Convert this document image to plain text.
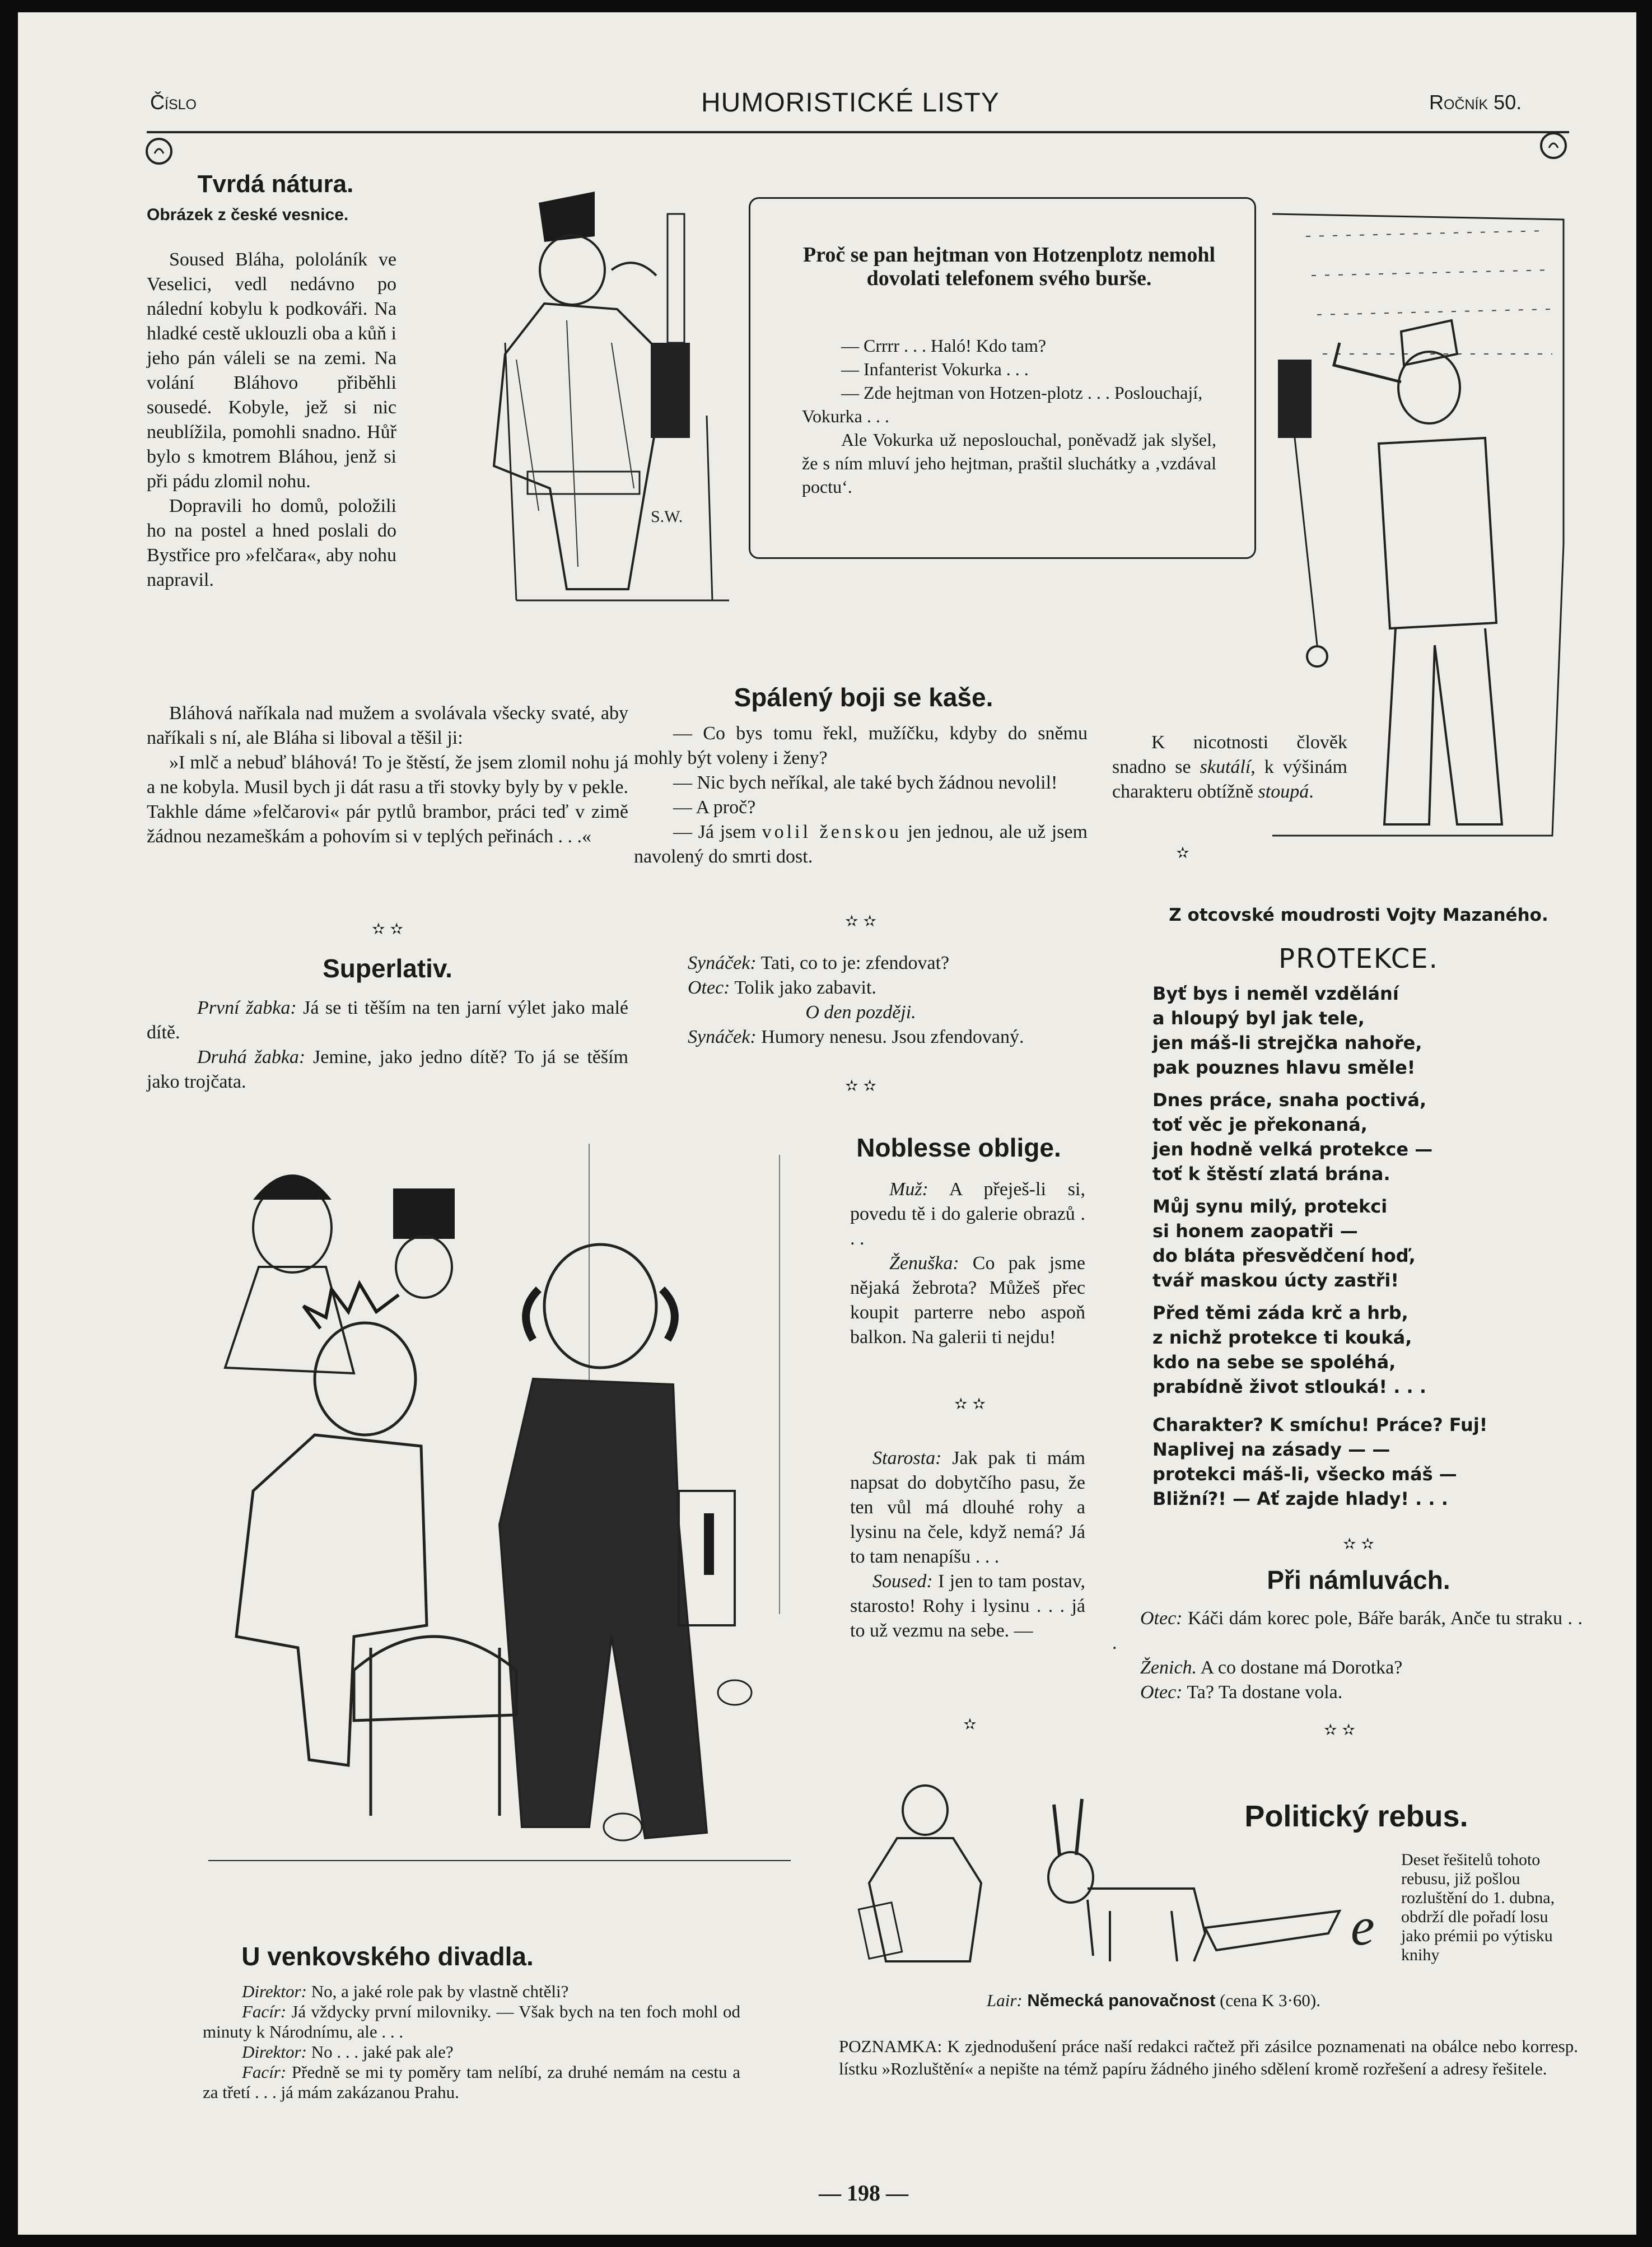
Číslo	HUMORISTICKÉ LISTY	Ročník 50.
Tvrdá nátura.
Obrázek z české vesnice.

Soused Bláha, pololáník ve Veselici, vedl nedávno po nálední kobylu k podkováři. Na hladké cestě uklouzli oba a kůň i jeho pán váleli se na zemi. Na volání Bláhovo přiběhli sousedé. Kobyle, jež si nic neublížila, pomohli snadno. Hůř bylo s kmotrem Bláhou, jenž si při pádu zlomil nohu.

Dopravili ho domů, položili ho na postel a hned poslali do Bystřice pro »felčara«, aby nohu napravil.

Bláhová naříkala nad mužem a svolávala všecky svaté, aby naříkali s ní, ale Bláha si liboval a těšil ji:

»I mlč a nebuď bláhová! To je štěstí, že jsem zlomil nohu já a ne kobyla. Musil bych ji dát rasu a tři stovky byly by v pekle. Takhle dáme »felčarovi« pár pytlů brambor, práci teď v zimě žádnou nezameškám a pohovím si v teplých peřinách . . .«

✫ ✫
Superlativ.

První žabka: Já se ti těším na ten jarní výlet jako malé dítě.

Druhá žabka: Jemine, jako jedno dítě? To já se těším jako trojčata.

S.W.
Proč se pan hejtman von Hotzenplotz nemohl dovolati telefonem svého burše.

— Crrrr . . . Haló! Kdo tam?

— Infanterist Vokurka . . .

— Zde hejtman von Hotzen-plotz . . . Poslouchají, Vokurka . . .

Ale Vokurka už neposlouchal, poněvadž jak slyšel, že s ním mluví jeho hejtman, praštil sluchátky a ‚vzdával poctu‘.

Spálený boji se kaše.

— Co bys tomu řekl, mužíčku, kdyby do sněmu mohly být voleny i ženy?

— Nic bych neříkal, ale také bych žádnou nevolil!

— A proč?

— Já jsem volil ženskou jen jednou, ale už jsem navolený do smrti dost.

✫ ✫

Synáček: Tati, co to je: zfendovat?

Otec: Tolik jako zabavit.

O den později.

Synáček: Humory nenesu. Jsou zfendovaný.

✫ ✫

K nicotnosti člověk snadno se skutálí, k výšinám charakteru obtížně stoupá.

✫
Z otcovské moudrosti Vojty Mazaného.
PROTEKCE.

Byť bys i neměl vzdělání

a hloupý byl jak tele,

jen máš-li strejčka nahoře,

pak pouznes hlavu směle!

Dnes práce, snaha poctivá,

toť věc je překonaná,

jen hodně velká protekce —

toť k štěstí zlatá brána.

Můj synu milý, protekci

si honem zaopatři —

do bláta přesvědčení hoď,

tvář maskou úcty zastři!

Před těmi záda krč a hrb,

z nichž protekce ti kouká,

kdo na sebe se spoléhá,

prabídně život stlouká! . . .

Charakter? K smíchu! Práce? Fuj!

Naplivej na zásady — —

protekci máš-li, všecko máš —

Bližní?! — Ať zajde hlady! . . .

✫ ✫
Při námluvách.

Otec: Káči dám korec pole, Báře barák, Anče tu straku . . .

Ženich. A co dostane má Dorotka?

Otec: Ta? Ta dostane vola.

✫ ✫
Noblesse oblige.

Muž: A přeješ-li si, povedu tě i do galerie obrazů . . .

Ženuška: Co pak jsme nějaká žebrota? Můžeš přec koupit parterre nebo aspoň balkon. Na galerii ti nejdu!

✫ ✫

Starosta: Jak pak ti mám napsat do dobytčího pasu, že ten vůl má dlouhé rohy a lysinu na čele, když nemá? Já to tam nenapíšu . . .

Soused: I jen to tam postav, starosto! Rohy i lysinu . . . já to už vezmu na sebe. —

✫
U venkovského divadla.

Direktor: No, a jaké role pak by vlastně chtěli?

Facír: Já vždycky první milovniky. — Však bych na ten foch mohl od minuty k Národnímu, ale . . .

Direktor: No . . . jaké pak ale?

Facír: Předně se mi ty poměry tam nelíbí, za druhé nemám na cestu a za třetí . . . já mám zakázanou Prahu.

e
Politický rebus.
Deset řešitelů tohoto rebusu, již pošlou rozluštění do 1. dubna, obdrží dle pořadí losu jako prémii po výtisku knihy
Lair: Německá panovačnost (cena K 3·60).
POZNAMKA: K zjednodušení práce naší redakci račtež při zásilce poznamenati na obálce nebo korresp. lístku »Rozluštění« a nepište na témž papíru žádného jiného sdělení kromě rozřešení a adresy řešitele.
— 198 —
